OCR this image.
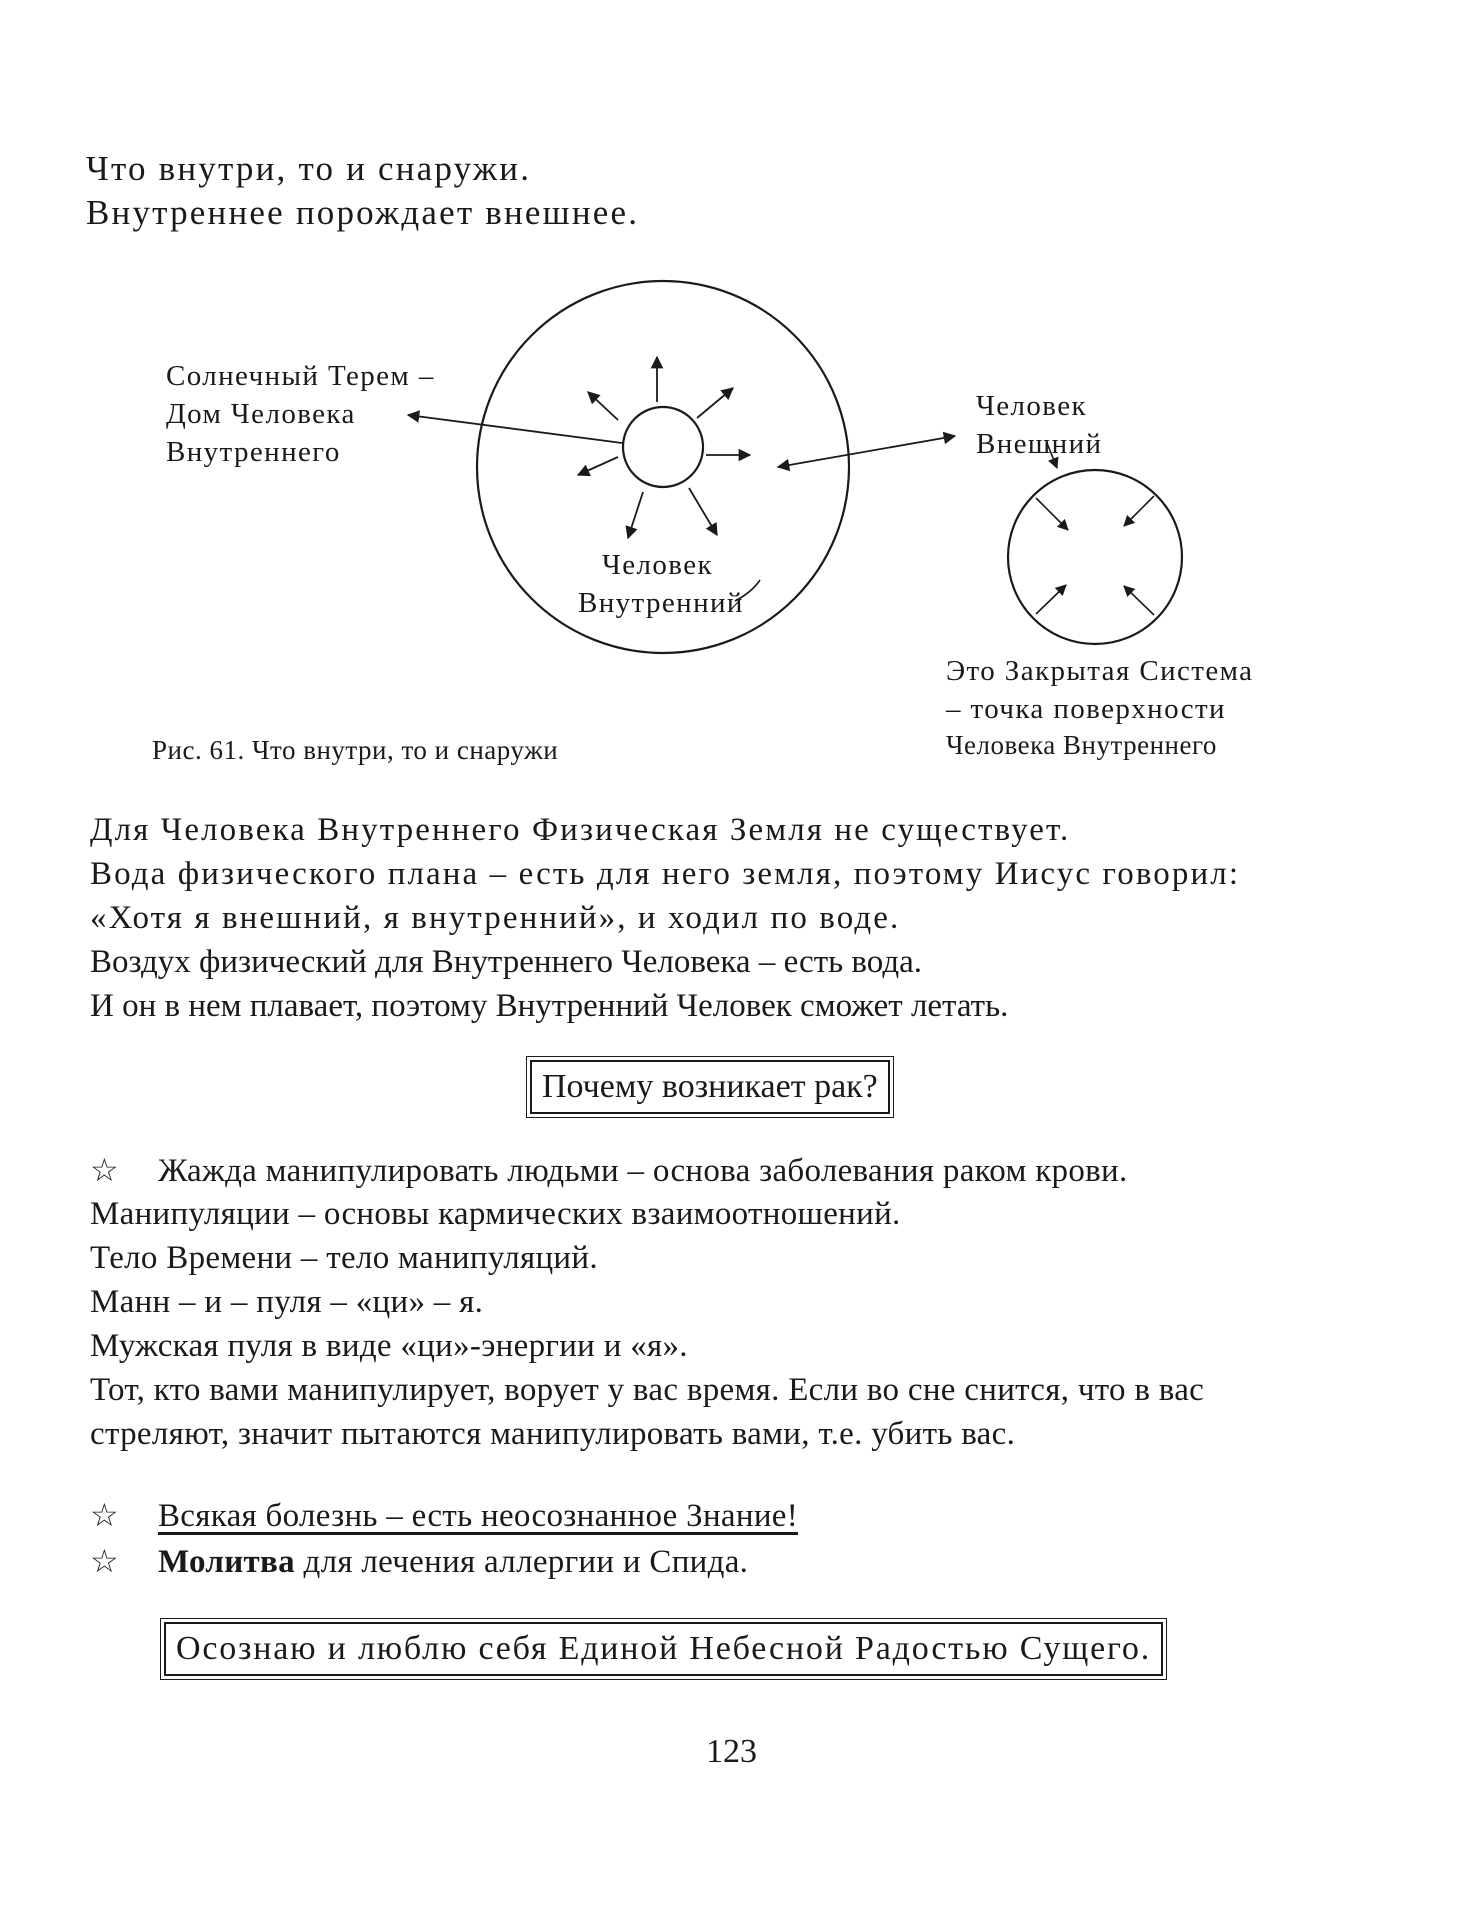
Что внутри, то и снаружи.
Внутреннее порождает внешнее.
Солнечный Терем –
Дом Человека
Внутреннего
Человек
Внешний
Человек
Внутренний
Это Закрытая Система
– точка поверхности
Человека Внутреннего
Рис. 61. Что внутри, то и снаружи
Для Человека Внутреннего Физическая Земля не существует.
Вода физического плана – есть для него земля, поэтому Иисус говорил:
«Хотя я внешний, я внутренний», и ходил по воде.
Воздух физический для Внутреннего Человека – есть вода.
И он в нем плавает, поэтому Внутренний Человек сможет летать.
Почему возникает рак?
☆ Жажда манипулировать людьми – основа заболевания раком крови.
Манипуляции – основы кармических взаимоотношений.
Тело Времени – тело манипуляций.
Манн – и – пуля – «ци» – я.
Мужская пуля в виде «ци»-энергии и «я».
Тот, кто вами манипулирует, ворует у вас время. Если во сне снится, что в вас
стреляют, значит пытаются манипулировать вами, т.е. убить вас.
☆ Всякая болезнь – есть неосознанное Знание!
☆ Молитва для лечения аллергии и Спида.
Осознаю и люблю себя Единой Небесной Радостью Сущего.
123
